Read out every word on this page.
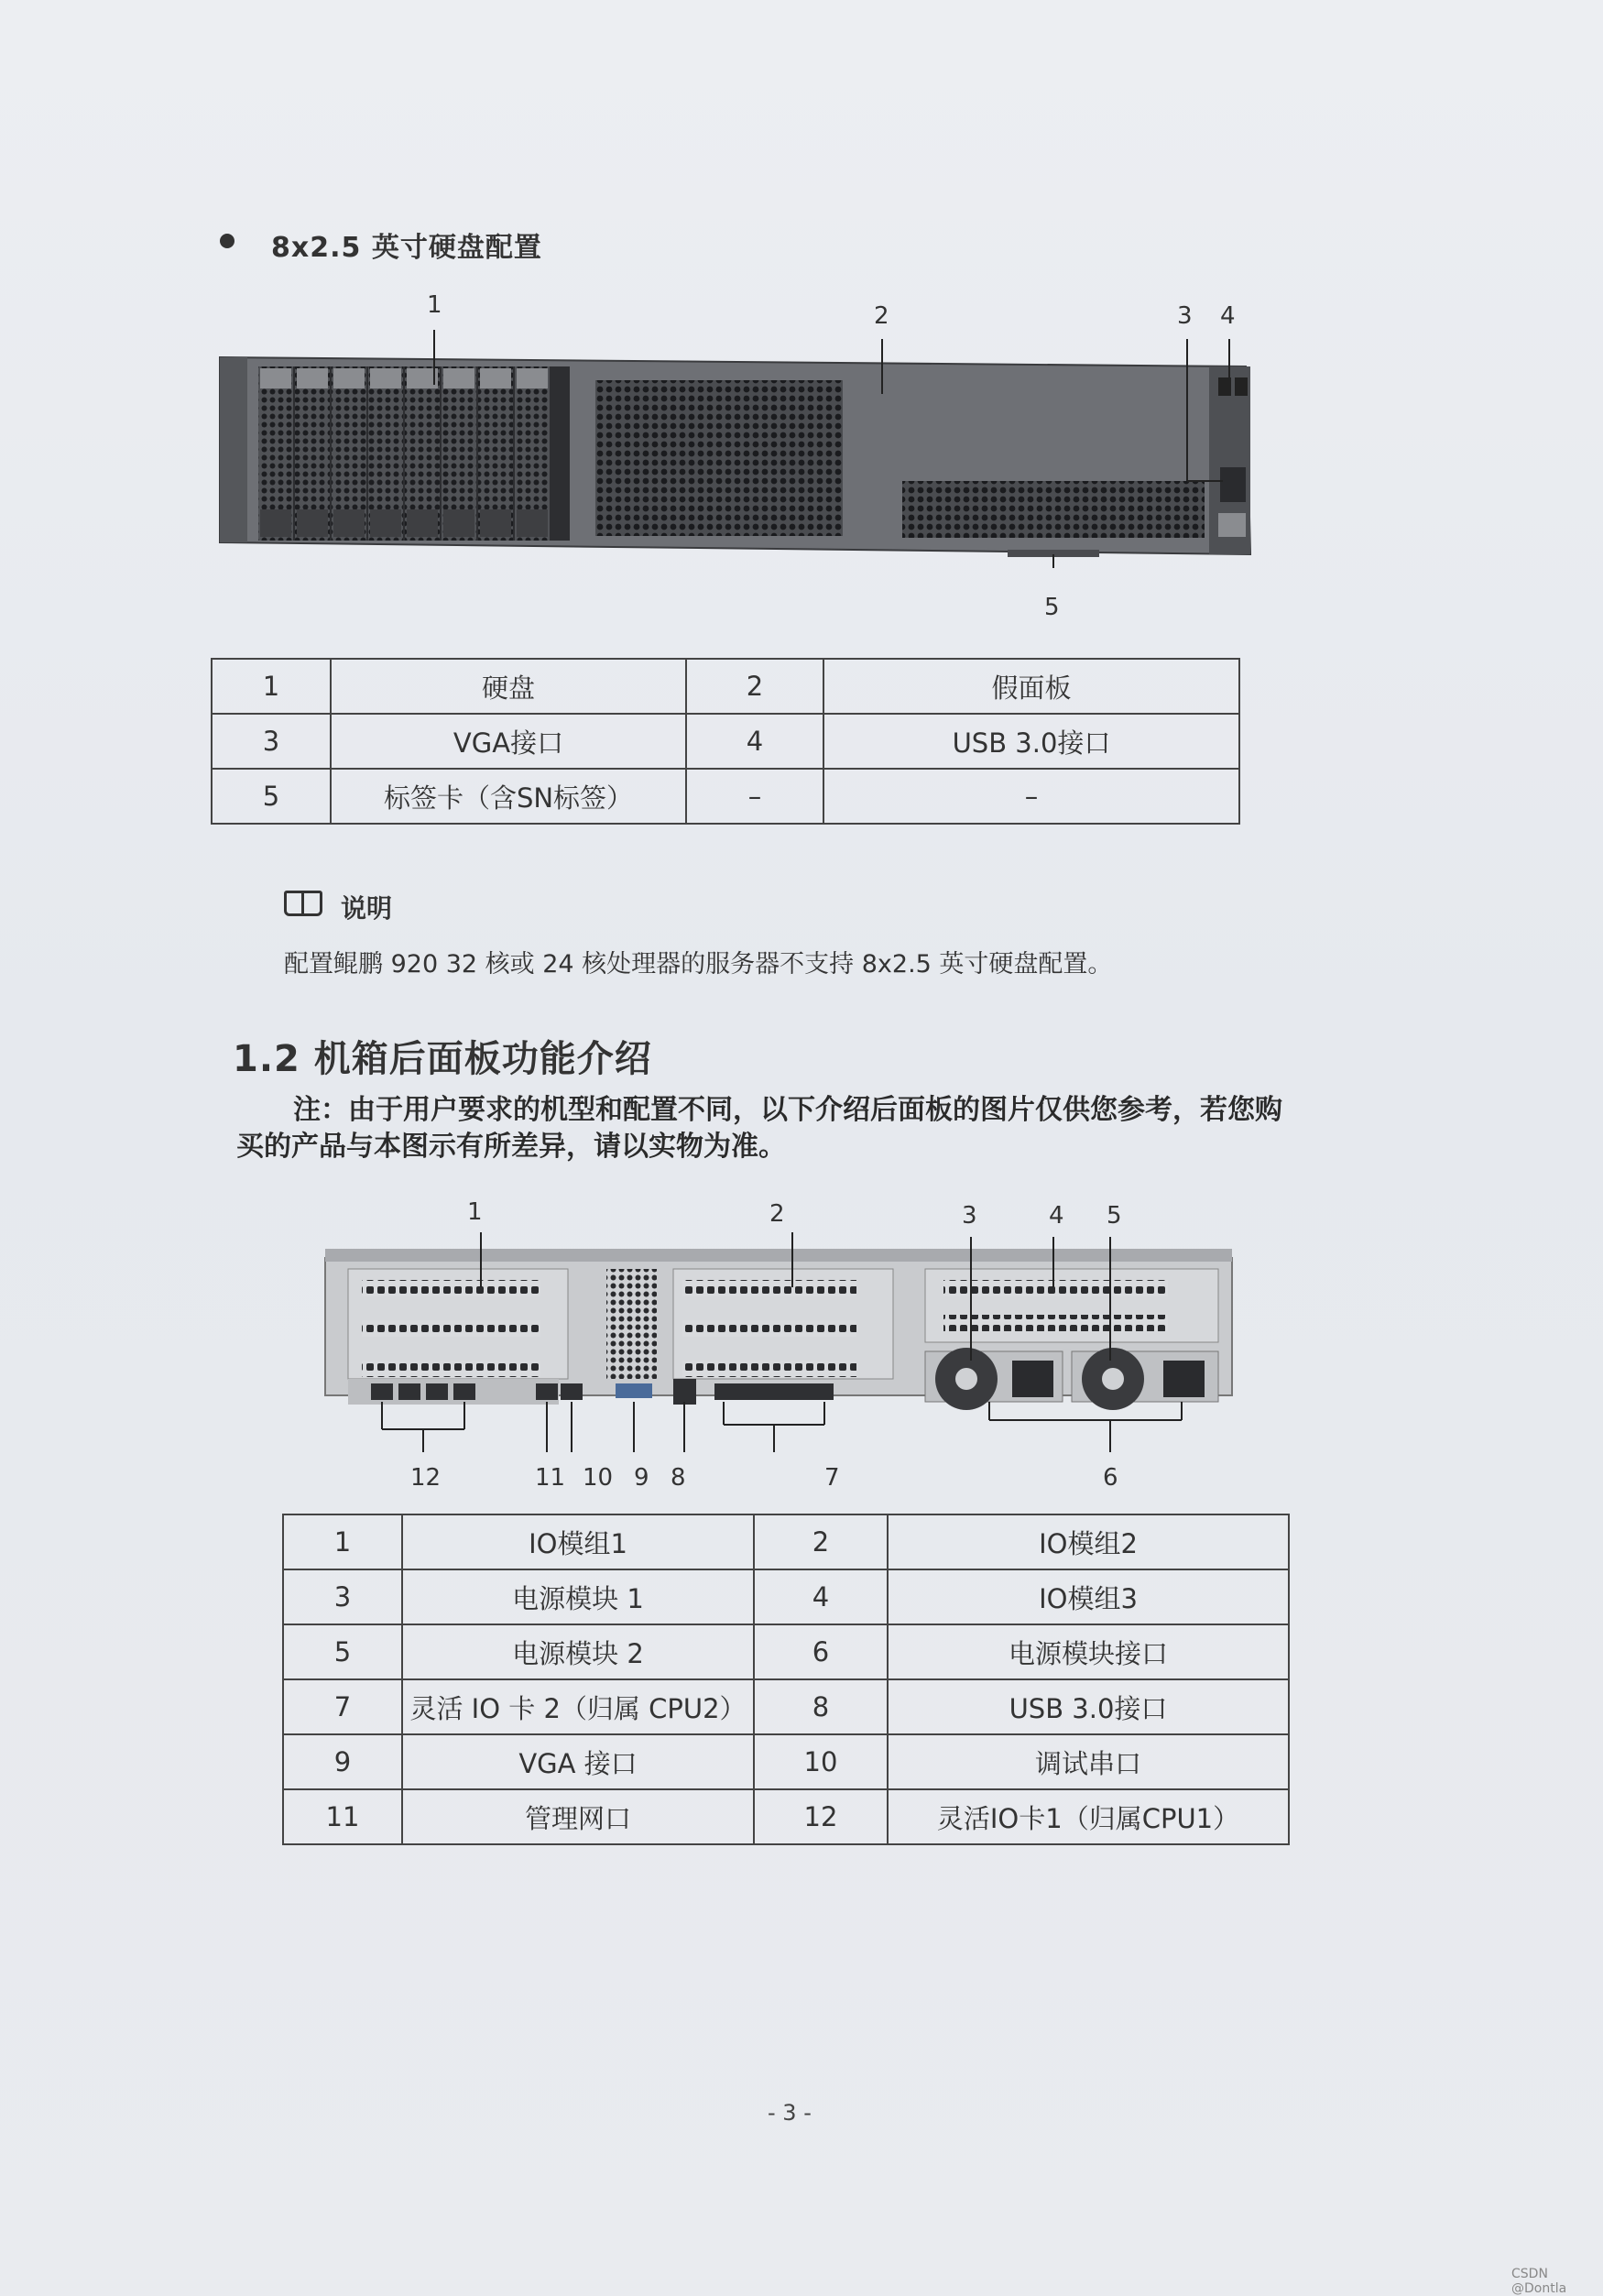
8x2.5 英寸硬盘配置
1	2	3 4
5
1	硬盘	2	假面板
3	VGA接口	4	USB 3.0接口
5	标签卡（含SN标签）	–	–
说明
配置鲲鹏 920 32 核或 24 核处理器的服务器不支持 8x2.5 英寸硬盘配置。
1.2 机箱后面板功能介绍
注：由于用户要求的机型和配置不同，以下介绍后面板的图片仅供您参考，若您购
买的产品与本图示有所差异，请以实物为准。
1	2	3	4 5
12	11 10 9 8	7	6
1	IO模组1	2	IO模组2
3	电源模块 1	4	IO模组3
5	电源模块 2	6	电源模块接口
7	灵活 IO 卡 2（归属 CPU2）	8	USB 3.0接口
9	VGA 接口	10	调试串口
11	管理网口	12	灵活IO卡1（归属CPU1）
- 3 -
CSDN @Dontla
